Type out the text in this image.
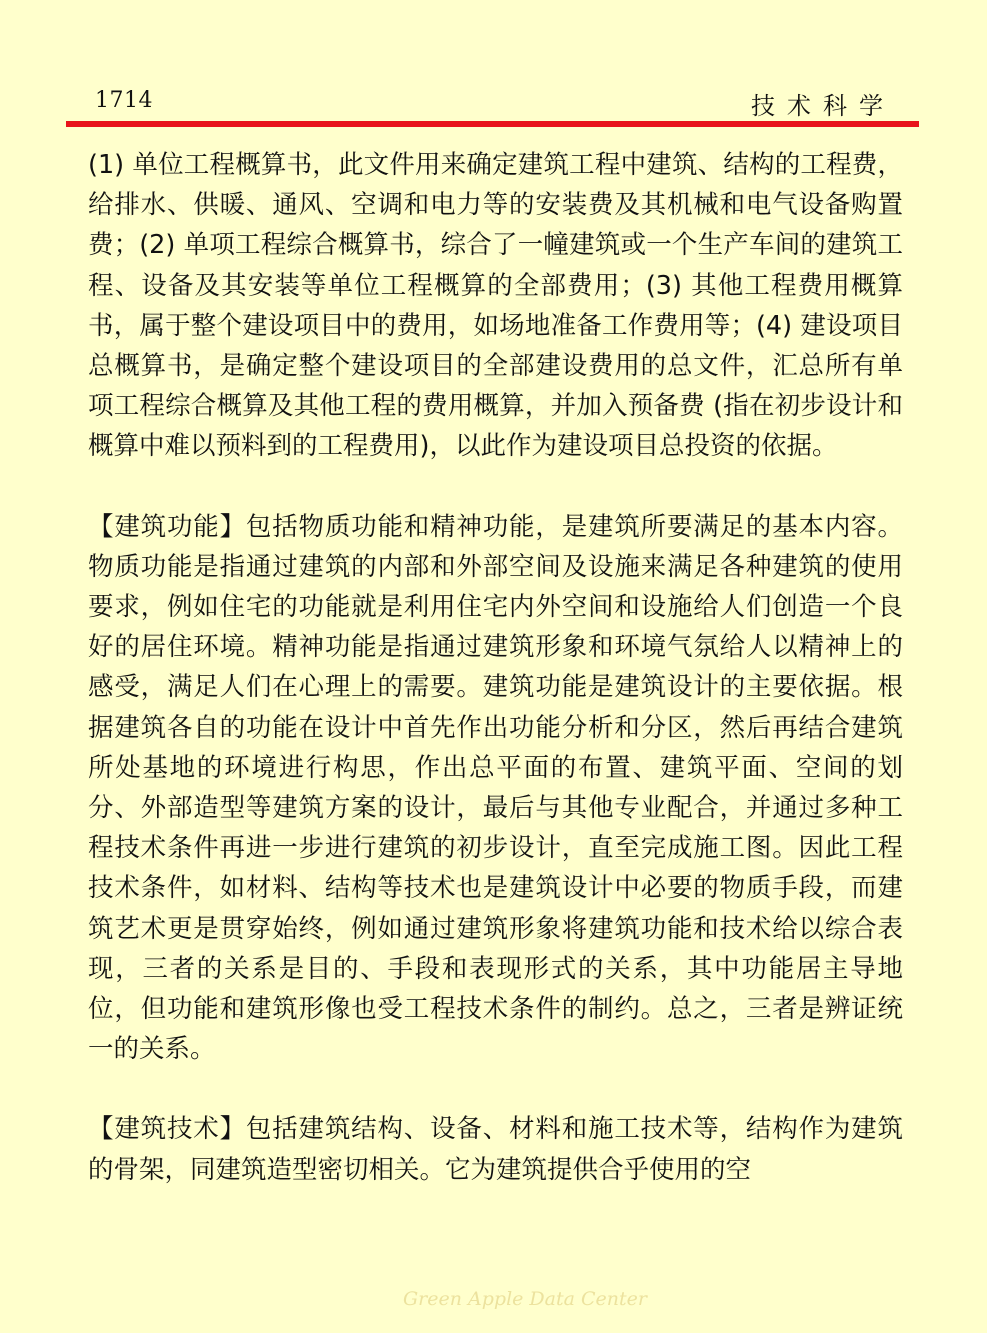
1714	技术科学

(1) 单位工程概算书，此文件用来确定建筑工程中建筑、结构的工程费，给排水、供暖、通风、空调和电力等的安装费及其机械和电气设备购置费；(2) 单项工程综合概算书，综合了一幢建筑或一个生产车间的建筑工程、设备及其安装等单位工程概算的全部费用；(3) 其他工程费用概算书，属于整个建设项目中的费用，如场地准备工作费用等；(4) 建设项目总概算书，是确定整个建设项目的全部建设费用的总文件，汇总所有单项工程综合概算及其他工程的费用概算，并加入预备费 (指在初步设计和概算中难以预料到的工程费用)，以此作为建设项目总投资的依据。

【建筑功能】包括物质功能和精神功能，是建筑所要满足的基本内容。物质功能是指通过建筑的内部和外部空间及设施来满足各种建筑的使用要求，例如住宅的功能就是利用住宅内外空间和设施给人们创造一个良好的居住环境。精神功能是指通过建筑形象和环境气氛给人以精神上的感受，满足人们在心理上的需要。建筑功能是建筑设计的主要依据。根据建筑各自的功能在设计中首先作出功能分析和分区，然后再结合建筑所处基地的环境进行构思，作出总平面的布置、建筑平面、空间的划分、外部造型等建筑方案的设计，最后与其他专业配合，并通过多种工程技术条件再进一步进行建筑的初步设计，直至完成施工图。因此工程技术条件，如材料、结构等技术也是建筑设计中必要的物质手段，而建筑艺术更是贯穿始终，例如通过建筑形象将建筑功能和技术给以综合表现，三者的关系是目的、手段和表现形式的关系，其中功能居主导地位，但功能和建筑形像也受工程技术条件的制约。总之，三者是辨证统一的关系。

【建筑技术】包括建筑结构、设备、材料和施工技术等，结构作为建筑的骨架，同建筑造型密切相关。它为建筑提供合乎使用的空

Green Apple Data Center
